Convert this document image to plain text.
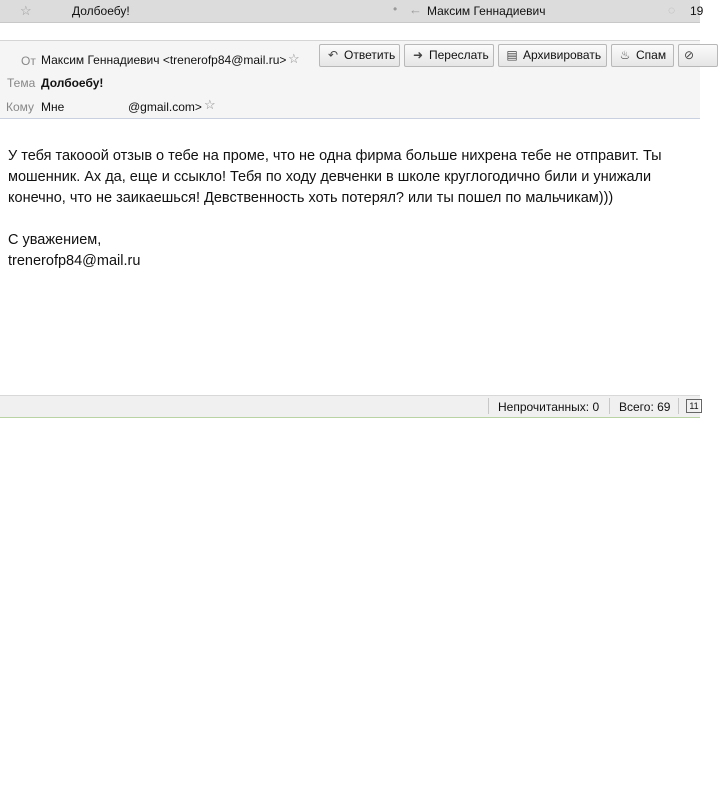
☆	Долбоебу!	• ← Максим Геннадиевич	◌ 19
От Максим Геннадиевич <trenerofp84@mail.ru> ☆ ↶ Ответить	➜ Переслать	▤ Архивировать	♨ Спам	⊘
Тема Долбоебу!
Кому Мне	@gmail.com> ☆

У тебя такооой отзыв о тебе на проме, что не одна фирма больше нихрена тебе не отправит. Ты

мошенник. Ах да, еще и ссыкло! Тебя по ходу девченки в школе круглогодично били и унижали

конечно, что не заикаешься! Девственность хоть потерял? или ты пошел по мальчикам)))

С уважением,

trenerofp84@mail.ru

Непрочитанных: 0 Всего: 69	11
